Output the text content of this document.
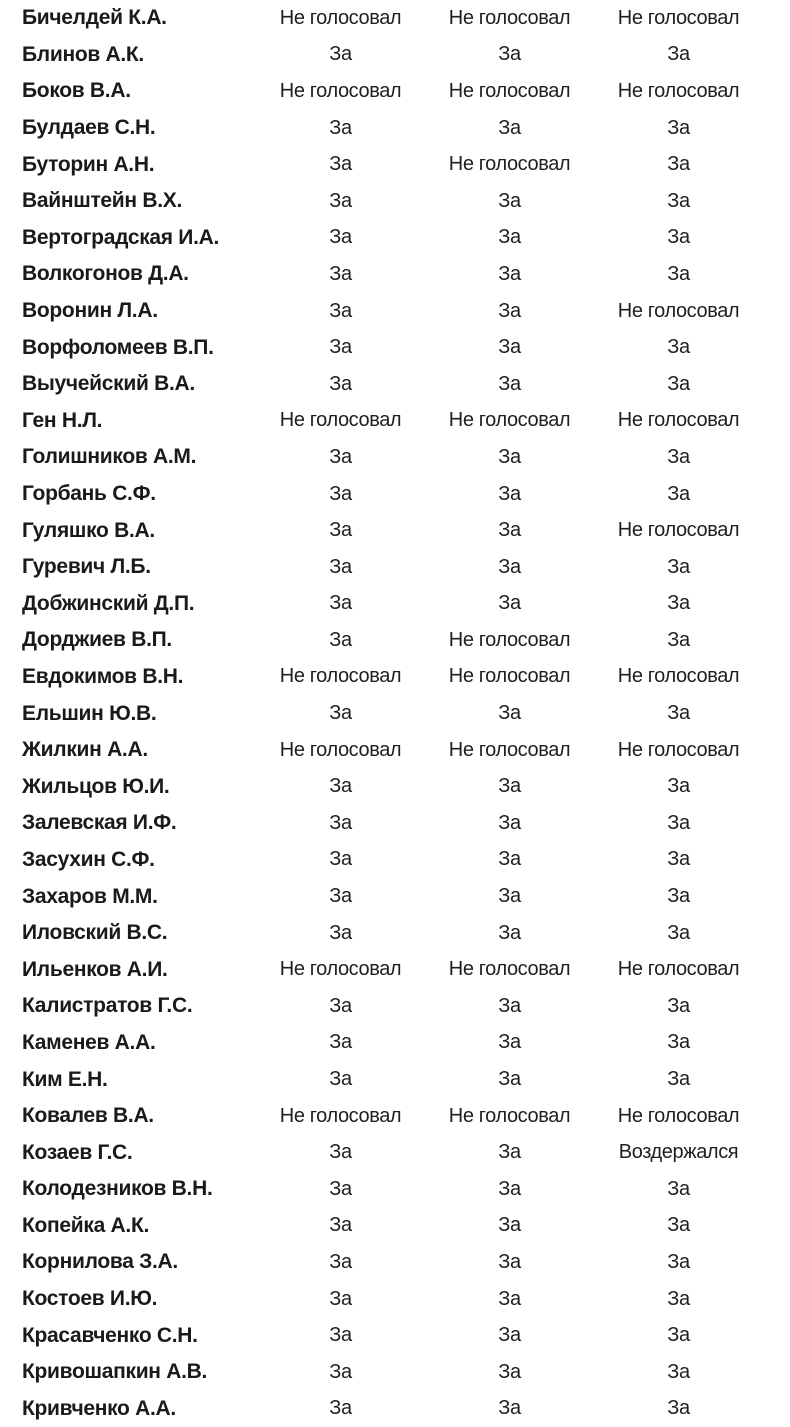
Бичелдей К.А.	Не голосовал	Не голосовал	Не голосовал
Блинов А.К.	За	За	За
Боков В.А.	Не голосовал	Не голосовал	Не голосовал
Булдаев С.Н.	За	За	За
Буторин А.Н.	За	Не голосовал	За
Вайнштейн В.Х.	За	За	За
Вертоградская И.А.	За	За	За
Волкогонов Д.А.	За	За	За
Воронин Л.А.	За	За	Не голосовал
Ворфоломеев В.П.	За	За	За
Выучейский В.А.	За	За	За
Ген Н.Л.	Не голосовал	Не голосовал	Не голосовал
Голишников А.М.	За	За	За
Горбань С.Ф.	За	За	За
Гуляшко В.А.	За	За	Не голосовал
Гуревич Л.Б.	За	За	За
Добжинский Д.П.	За	За	За
Дорджиев В.П.	За	Не голосовал	За
Евдокимов В.Н.	Не голосовал	Не голосовал	Не голосовал
Ельшин Ю.В.	За	За	За
Жилкин А.А.	Не голосовал	Не голосовал	Не голосовал
Жильцов Ю.И.	За	За	За
Залевская И.Ф.	За	За	За
Засухин С.Ф.	За	За	За
Захаров М.М.	За	За	За
Иловский В.С.	За	За	За
Ильенков А.И.	Не голосовал	Не голосовал	Не голосовал
Калистратов Г.С.	За	За	За
Каменев А.А.	За	За	За
Ким Е.Н.	За	За	За
Ковалев В.А.	Не голосовал	Не голосовал	Не голосовал
Козаев Г.С.	За	За	Воздержался
Колодезников В.Н.	За	За	За
Копейка А.К.	За	За	За
Корнилова З.А.	За	За	За
Костоев И.Ю.	За	За	За
Красавченко С.Н.	За	За	За
Кривошапкин А.В.	За	За	За
Кривченко А.А.	За	За	За
